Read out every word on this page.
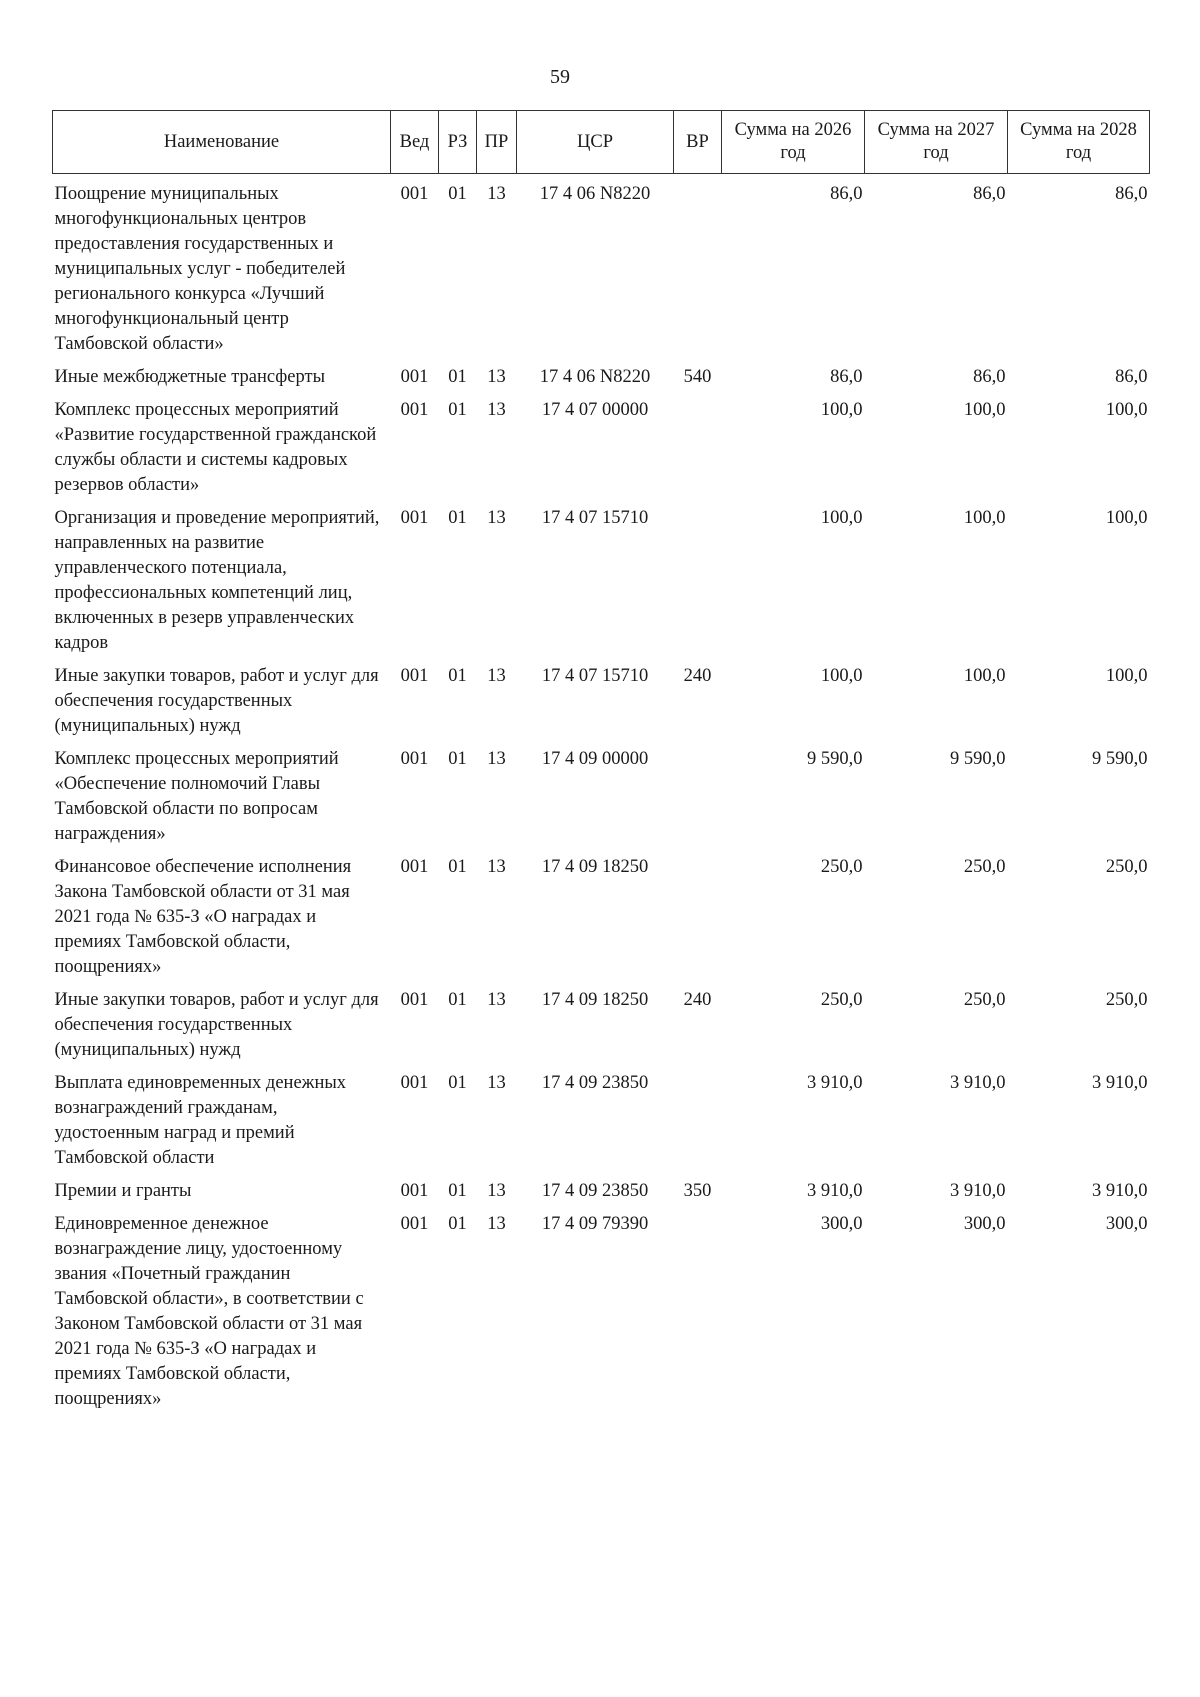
59
Наименование	Вед	РЗ	ПР	ЦСР	ВР	Сумма на 2026 год	Сумма на 2027 год	Сумма на 2028 год
Поощрение муниципальных многофункциональных центров предоставления государственных и муниципальных услуг - победителей регионального конкурса «Лучший многофункциональный центр Тамбовской области»	001	01	13	17 4 06 N8220		86,0	86,0	86,0
Иные межбюджетные трансферты	001	01	13	17 4 06 N8220	540	86,0	86,0	86,0
Комплекс процессных мероприятий «Развитие государственной гражданской службы области и системы кадровых резервов области»	001	01	13	17 4 07 00000		100,0	100,0	100,0
Организация и проведение мероприятий, направленных на развитие управленческого потенциала, профессиональных компетенций лиц, включенных в резерв управленческих кадров	001	01	13	17 4 07 15710		100,0	100,0	100,0
Иные закупки товаров, работ и услуг для обеспечения государственных (муниципальных) нужд	001	01	13	17 4 07 15710	240	100,0	100,0	100,0
Комплекс процессных мероприятий «Обеспечение полномочий Главы Тамбовской области по вопросам награждения»	001	01	13	17 4 09 00000		9 590,0	9 590,0	9 590,0
Финансовое обеспечение исполнения Закона Тамбовской области от 31 мая 2021 года № 635-З «О наградах и премиях Тамбовской области, поощрениях»	001	01	13	17 4 09 18250		250,0	250,0	250,0
Иные закупки товаров, работ и услуг для обеспечения государственных (муниципальных) нужд	001	01	13	17 4 09 18250	240	250,0	250,0	250,0
Выплата единовременных денежных вознаграждений гражданам, удостоенным наград и премий Тамбовской области	001	01	13	17 4 09 23850		3 910,0	3 910,0	3 910,0
Премии и гранты	001	01	13	17 4 09 23850	350	3 910,0	3 910,0	3 910,0
Единовременное денежное вознаграждение лицу, удостоенному звания «Почетный гражданин Тамбовской области», в соответствии с Законом Тамбовской области от 31 мая 2021 года № 635-З «О наградах и премиях Тамбовской области, поощрениях»	001	01	13	17 4 09 79390		300,0	300,0	300,0
